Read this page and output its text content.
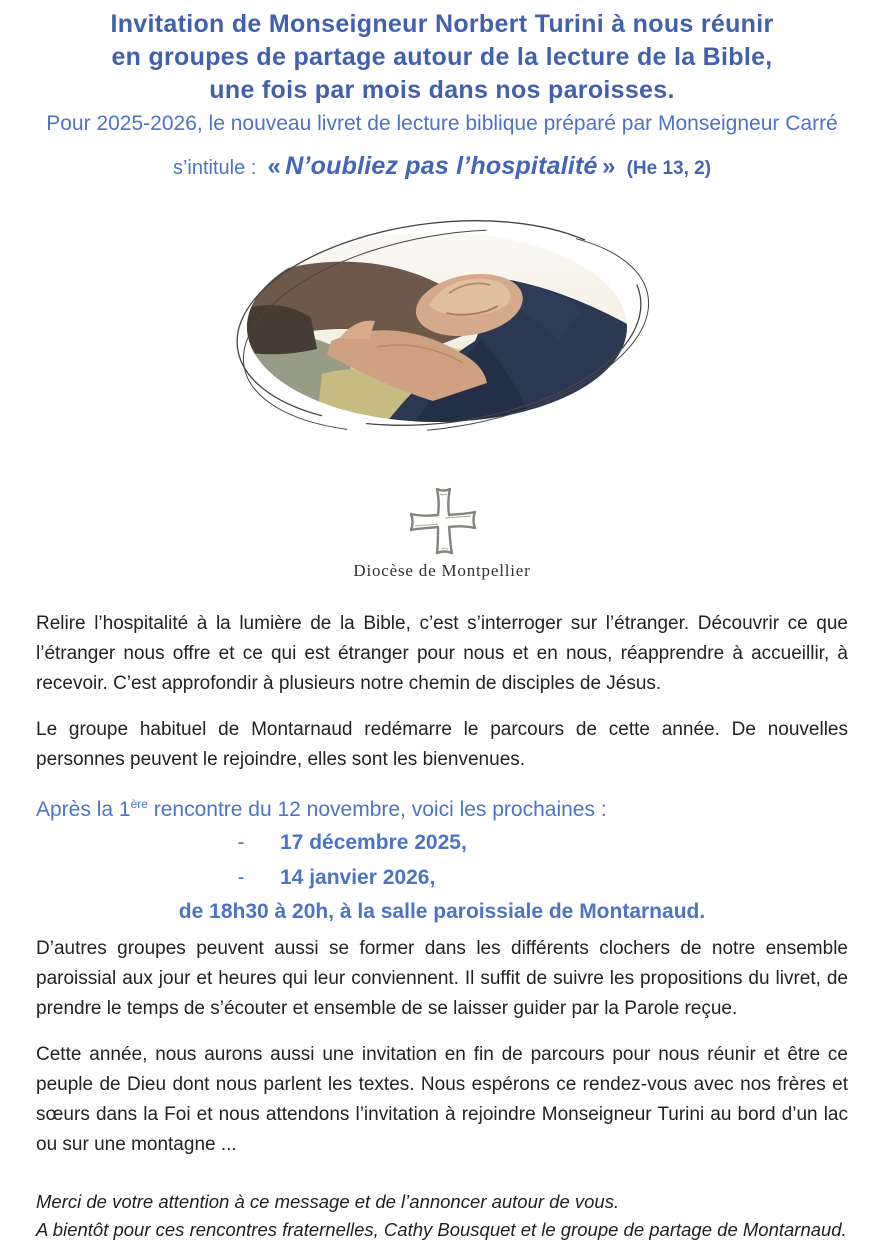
Invitation de Monseigneur Norbert Turini à nous réunir
en groupes de partage autour de la lecture de la Bible,
une fois par mois dans nos paroisses.
Pour 2025-2026, le nouveau livret de lecture biblique préparé par Monseigneur Carré
s’intitule : « N’oubliez pas l’hospitalité » (He 13, 2)
Diocèse de Montpellier

Relire l’hospitalité à la lumière de la Bible, c’est s’interroger sur l’étranger. Découvrir ce que l’étranger nous offre et ce qui est étranger pour nous et en nous, réapprendre à accueillir, à recevoir. C’est approfondir à plusieurs notre chemin de disciples de Jésus.

Le groupe habituel de Montarnaud redémarre le parcours de cette année. De nouvelles personnes peuvent le rejoindre, elles sont les bienvenues.

Après la 1ère rencontre du 12 novembre, voici les prochaines :
-	17 décembre 2025,
-	14 janvier 2026,
de 18h30 à 20h, à la salle paroissiale de Montarnaud.

D’autres groupes peuvent aussi se former dans les différents clochers de notre ensemble paroissial aux jour et heures qui leur conviennent. Il suffit de suivre les propositions du livret, de prendre le temps de s’écouter et ensemble de se laisser guider par la Parole reçue.

Cette année, nous aurons aussi une invitation en fin de parcours pour nous réunir et être ce peuple de Dieu dont nous parlent les textes. Nous espérons ce rendez-vous avec nos frères et sœurs dans la Foi et nous attendons l’invitation à rejoindre Monseigneur Turini au bord d’un lac ou sur une montagne ...

Merci de votre attention à ce message et de l’annoncer autour de vous.
A bientôt pour ces rencontres fraternelles, Cathy Bousquet et le groupe de partage de Montarnaud.
